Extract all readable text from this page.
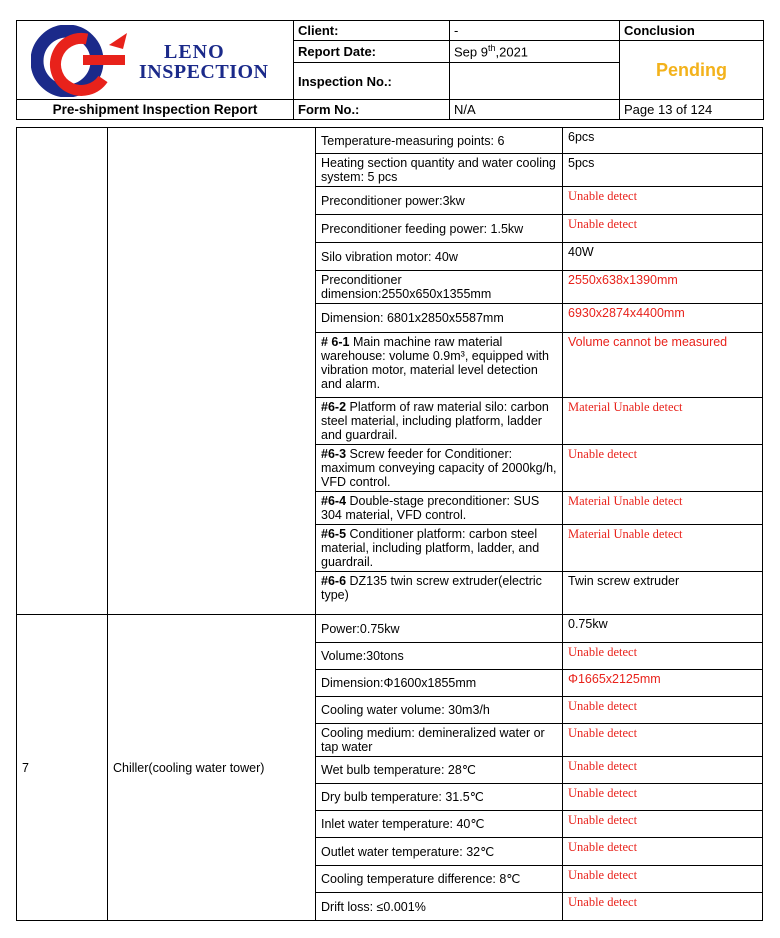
LENO
INSPECTION	Client:	-	Conclusion
	Report Date:	Sep 9th,2021	Pending
	Inspection No.:		
Pre-shipment Inspection Report	Form No.:	N/A	Page 13 of 124
		Temperature-measuring points: 6	6pcs
		Heating section quantity and water cooling system: 5 pcs	5pcs
		Preconditioner power:3kw	Unable detect
		Preconditioner feeding power: 1.5kw	Unable detect
		Silo vibration motor: 40w	40W
		Preconditioner dimension:2550x650x1355mm	2550x638x1390mm
		Dimension: 6801x2850x5587mm	6930x2874x4400mm
		# 6-1 Main machine raw material warehouse: volume 0.9m³, equipped with vibration motor, material level detection and alarm.	Volume cannot be measured
		#6-2 Platform of raw material silo: carbon steel material, including platform, ladder and guardrail.	Material Unable detect
		#6-3 Screw feeder for Conditioner: maximum conveying capacity of 2000kg/h, VFD control.	Unable detect
		#6-4 Double-stage preconditioner: SUS 304 material, VFD control.	Material Unable detect
		#6-5 Conditioner platform: carbon steel material, including platform, ladder, and guardrail.	Material Unable detect
		#6-6 DZ135 twin screw extruder(electric type)	Twin screw extruder
7	Chiller(cooling water tower)	Power:0.75kw	0.75kw
		Volume:30tons	Unable detect
		Dimension:Φ1600x1855mm	Φ1665x2125mm
		Cooling water volume: 30m3/h	Unable detect
		Cooling medium: demineralized water or tap water	Unable detect
		Wet bulb temperature: 28℃	Unable detect
		Dry bulb temperature: 31.5℃	Unable detect
		Inlet water temperature: 40℃	Unable detect
		Outlet water temperature: 32℃	Unable detect
		Cooling temperature difference: 8℃	Unable detect
		Drift loss: ≤0.001%	Unable detect
